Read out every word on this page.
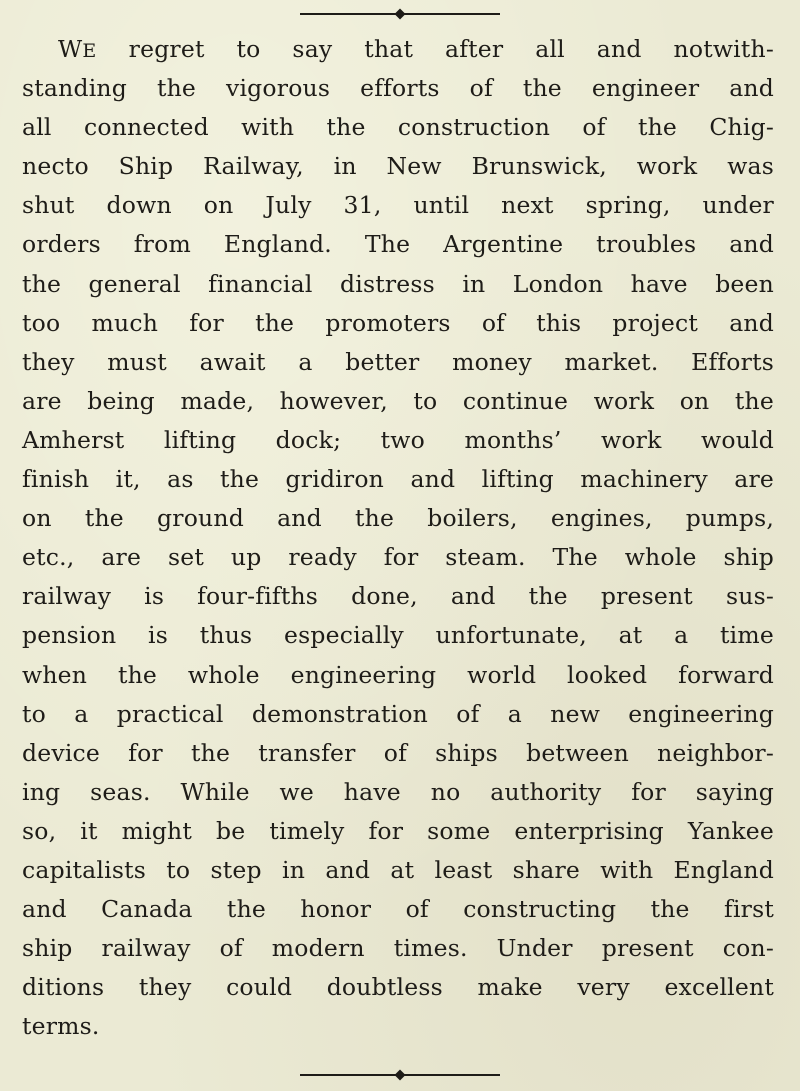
WE regret to say that after all and notwith-
standing the vigorous efforts of the engineer and
all connected with the construction of the Chig-
necto Ship Railway, in New Brunswick, work was
shut down on July 31, until next spring, under
orders from England. The Argentine troubles and
the general financial distress in London have been
too much for the promoters of this project and
they must await a better money market. Efforts
are being made, however, to continue work on the
Amherst lifting dock; two months’ work would
finish it, as the gridiron and lifting machinery are
on the ground and the boilers, engines, pumps,
etc., are set up ready for steam. The whole ship
railway is four-fifths done, and the present sus-
pension is thus especially unfortunate, at a time
when the whole engineering world looked forward
to a practical demonstration of a new engineering
device for the transfer of ships between neighbor-
ing seas. While we have no authority for saying
so, it might be timely for some enterprising Yankee
capitalists to step in and at least share with England
and Canada the honor of constructing the first
ship railway of modern times. Under present con-
ditions they could doubtless make very excellent
terms.
